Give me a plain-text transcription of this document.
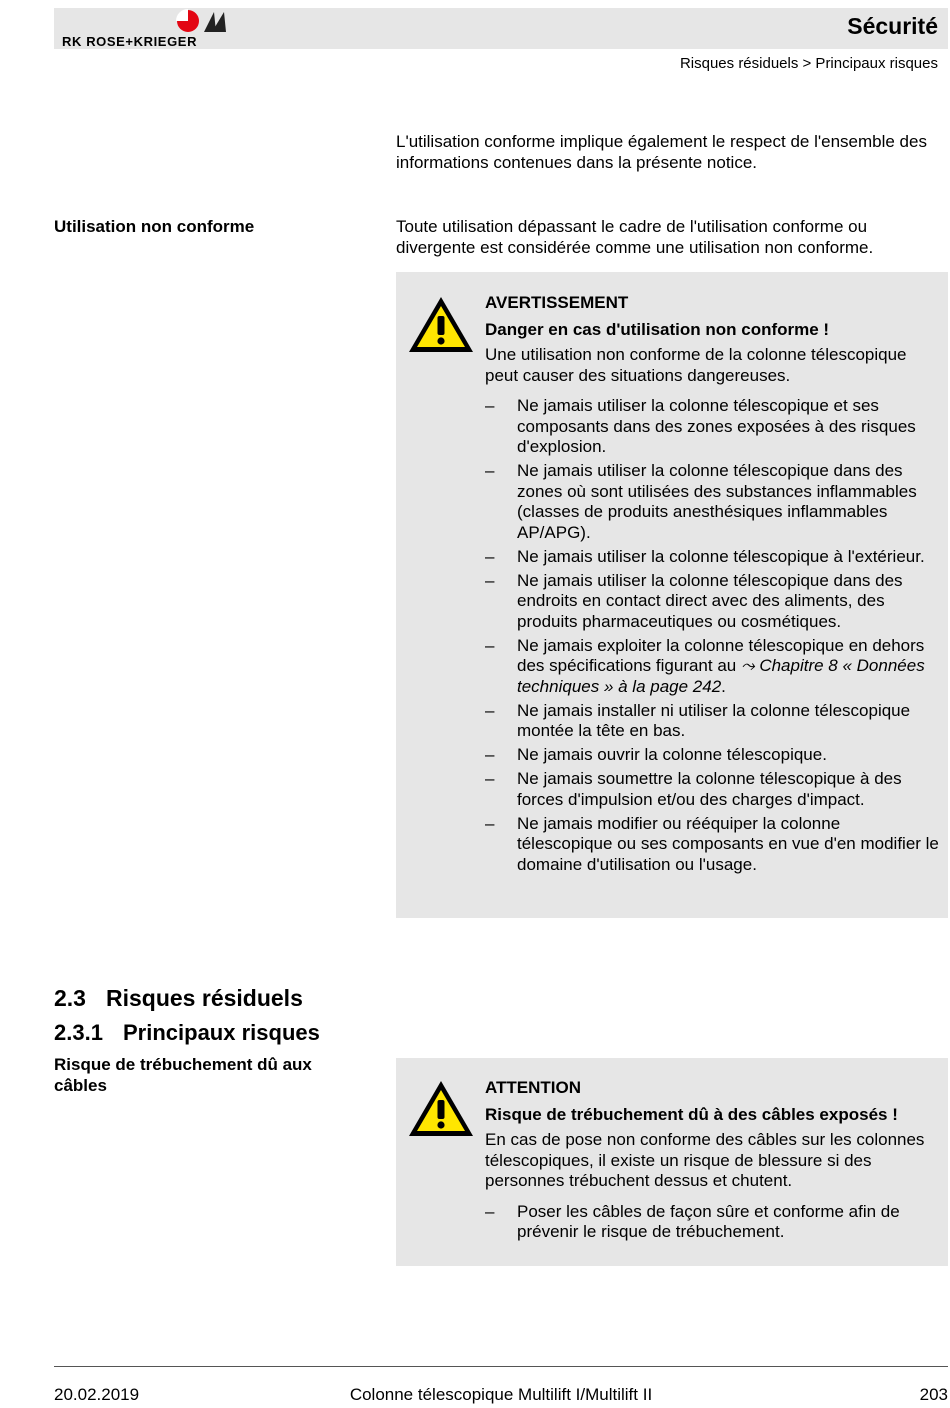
RK ROSE+KRIEGER
Sécurité
Risques résiduels > Principaux risques
L'utilisation conforme implique également le respect de l'ensemble des informations contenues dans la présente notice.
Utilisation non conforme	Toute utilisation dépassant le cadre de l'utilisation conforme ou divergente est considérée comme une utilisation non conforme.
AVERTISSEMENT
Danger en cas d'utilisation non conforme !
Une utilisation non conforme de la colonne télescopique peut causer des situations dangereuses.
– Ne jamais utiliser la colonne télescopique et ses composants dans des zones exposées à des risques d'explosion.
– Ne jamais utiliser la colonne télescopique dans des zones où sont utilisées des substances inflammables (classes de produits anesthésiques inflammables AP/APG).
– Ne jamais utiliser la colonne télescopique à l'extérieur.
– Ne jamais utiliser la colonne télescopique dans des endroits en contact direct avec des aliments, des produits pharmaceutiques ou cosmétiques.
– Ne jamais exploiter la colonne télescopique en dehors des spécifications figurant au ⤳ Chapitre 8 « Données techniques » à la page 242.
– Ne jamais installer ni utiliser la colonne télescopique montée la tête en bas.
– Ne jamais ouvrir la colonne télescopique.
– Ne jamais soumettre la colonne télescopique à des forces d'impulsion et/ou des charges d'impact.
– Ne jamais modifier ou rééquiper la colonne télescopique ou ses composants en vue d'en modifier le domaine d'utilisation ou l'usage.
2.3 Risques résiduels
2.3.1 Principaux risques
Risque de trébuchement dû aux câbles	ATTENTION
Risque de trébuchement dû à des câbles exposés !
En cas de pose non conforme des câbles sur les colonnes télescopiques, il existe un risque de blessure si des personnes trébuchent dessus et chutent.
– Poser les câbles de façon sûre et conforme afin de prévenir le risque de trébuchement.
20.02.2019	Colonne télescopique Multilift I/Multilift II	203
